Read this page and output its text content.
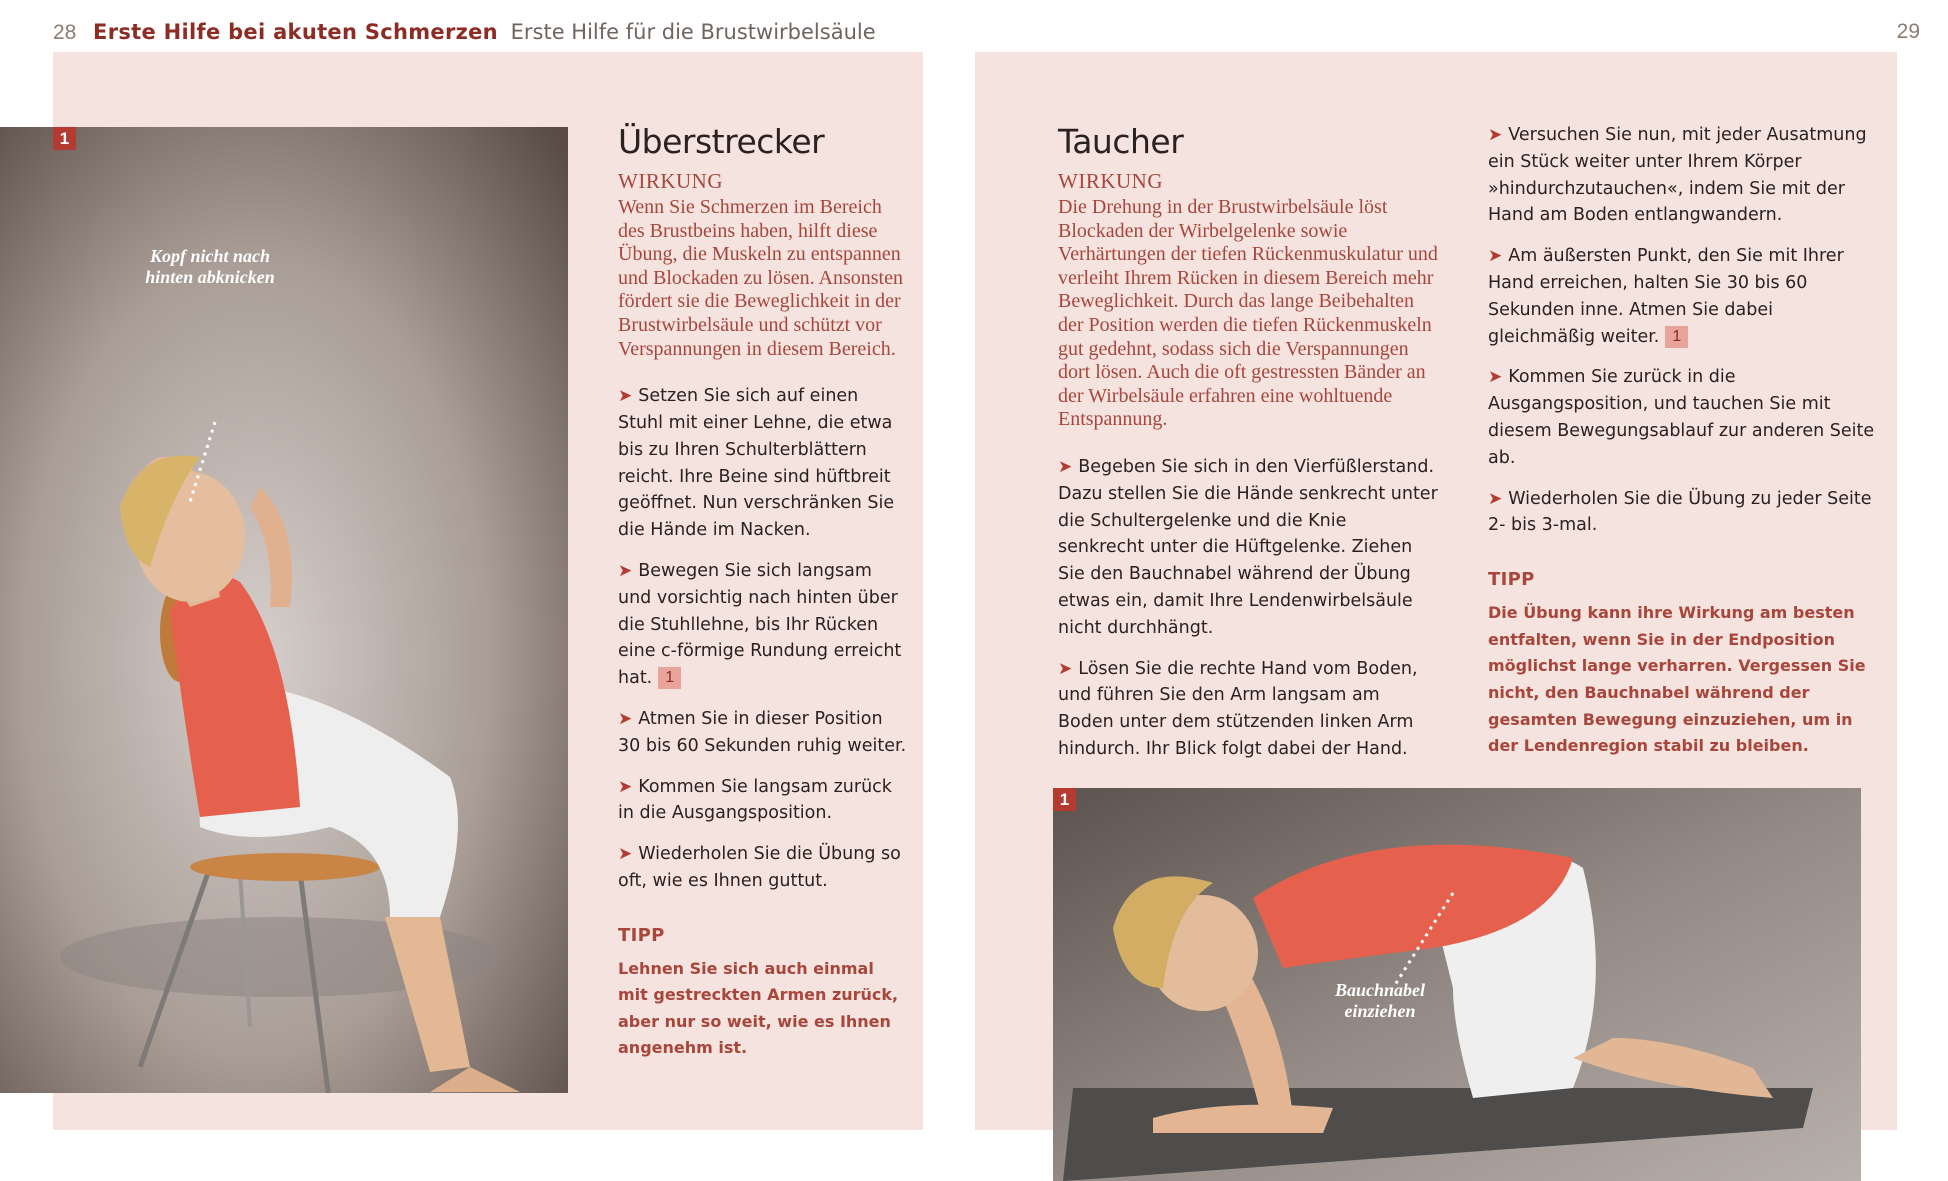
28 Erste Hilfe bei akuten Schmerzen Erste Hilfe für die Brustwirbelsäule	29
1
Kopf nicht nach hinten abknicken
Überstrecker

WIRKUNG

Wenn Sie Schmerzen im Bereich des Brustbeins haben, hilft diese Übung, die Muskeln zu entspannen und Blockaden zu lösen. Ansonsten fördert sie die Beweglichkeit in der Brustwirbelsäule und schützt vor Verspannungen in diesem Bereich.

➤ Setzen Sie sich auf einen Stuhl mit einer Lehne, die etwa bis zu Ihren Schulterblättern reicht. Ihre Beine sind hüftbreit geöffnet. Nun verschränken Sie die Hände im Nacken.

➤ Bewegen Sie sich langsam und vorsichtig nach hinten über die Stuhllehne, bis Ihr Rücken eine c-förmige Rundung erreicht hat. 1

➤ Atmen Sie in dieser Position 30 bis 60 Sekunden ruhig weiter.

➤ Kommen Sie langsam zurück in die Ausgangsposition.

➤ Wiederholen Sie die Übung so oft, wie es Ihnen guttut.

TIPP

Lehnen Sie sich auch einmal mit gestreckten Armen zurück, aber nur so weit, wie es Ihnen angenehm ist.

Taucher

WIRKUNG

Die Drehung in der Brustwirbelsäule löst Blockaden der Wirbelgelenke sowie Verhärtungen der tiefen Rückenmuskulatur und verleiht Ihrem Rücken in diesem Bereich mehr Beweglichkeit. Durch das lange Beibehalten der Position werden die tiefen Rückenmuskeln gut gedehnt, sodass sich die Verspannungen dort lösen. Auch die oft gestressten Bänder an der Wirbelsäule erfahren eine wohltuende Entspannung.

➤ Begeben Sie sich in den Vierfüßlerstand. Dazu stellen Sie die Hände senkrecht unter die Schultergelenke und die Knie senkrecht unter die Hüftgelenke. Ziehen Sie den Bauchnabel während der Übung etwas ein, damit Ihre Lendenwirbelsäule nicht durchhängt.

➤ Lösen Sie die rechte Hand vom Boden, und führen Sie den Arm langsam am Boden unter dem stützenden linken Arm hindurch. Ihr Blick folgt dabei der Hand.

➤ Versuchen Sie nun, mit jeder Ausatmung ein Stück weiter unter Ihrem Körper »hindurchzutauchen«, indem Sie mit der Hand am Boden entlangwandern.

➤ Am äußersten Punkt, den Sie mit Ihrer Hand erreichen, halten Sie 30 bis 60 Sekunden inne. Atmen Sie dabei gleichmäßig weiter. 1

➤ Kommen Sie zurück in die Ausgangsposition, und tauchen Sie mit diesem Bewegungsablauf zur anderen Seite ab.

➤ Wiederholen Sie die Übung zu jeder Seite 2- bis 3-mal.

TIPP

Die Übung kann ihre Wirkung am besten entfalten, wenn Sie in der Endposition möglichst lange verharren. Vergessen Sie nicht, den Bauchnabel während der gesamten Bewegung einzuziehen, um in der Lendenregion stabil zu bleiben.

1
Bauchnabel einziehen
